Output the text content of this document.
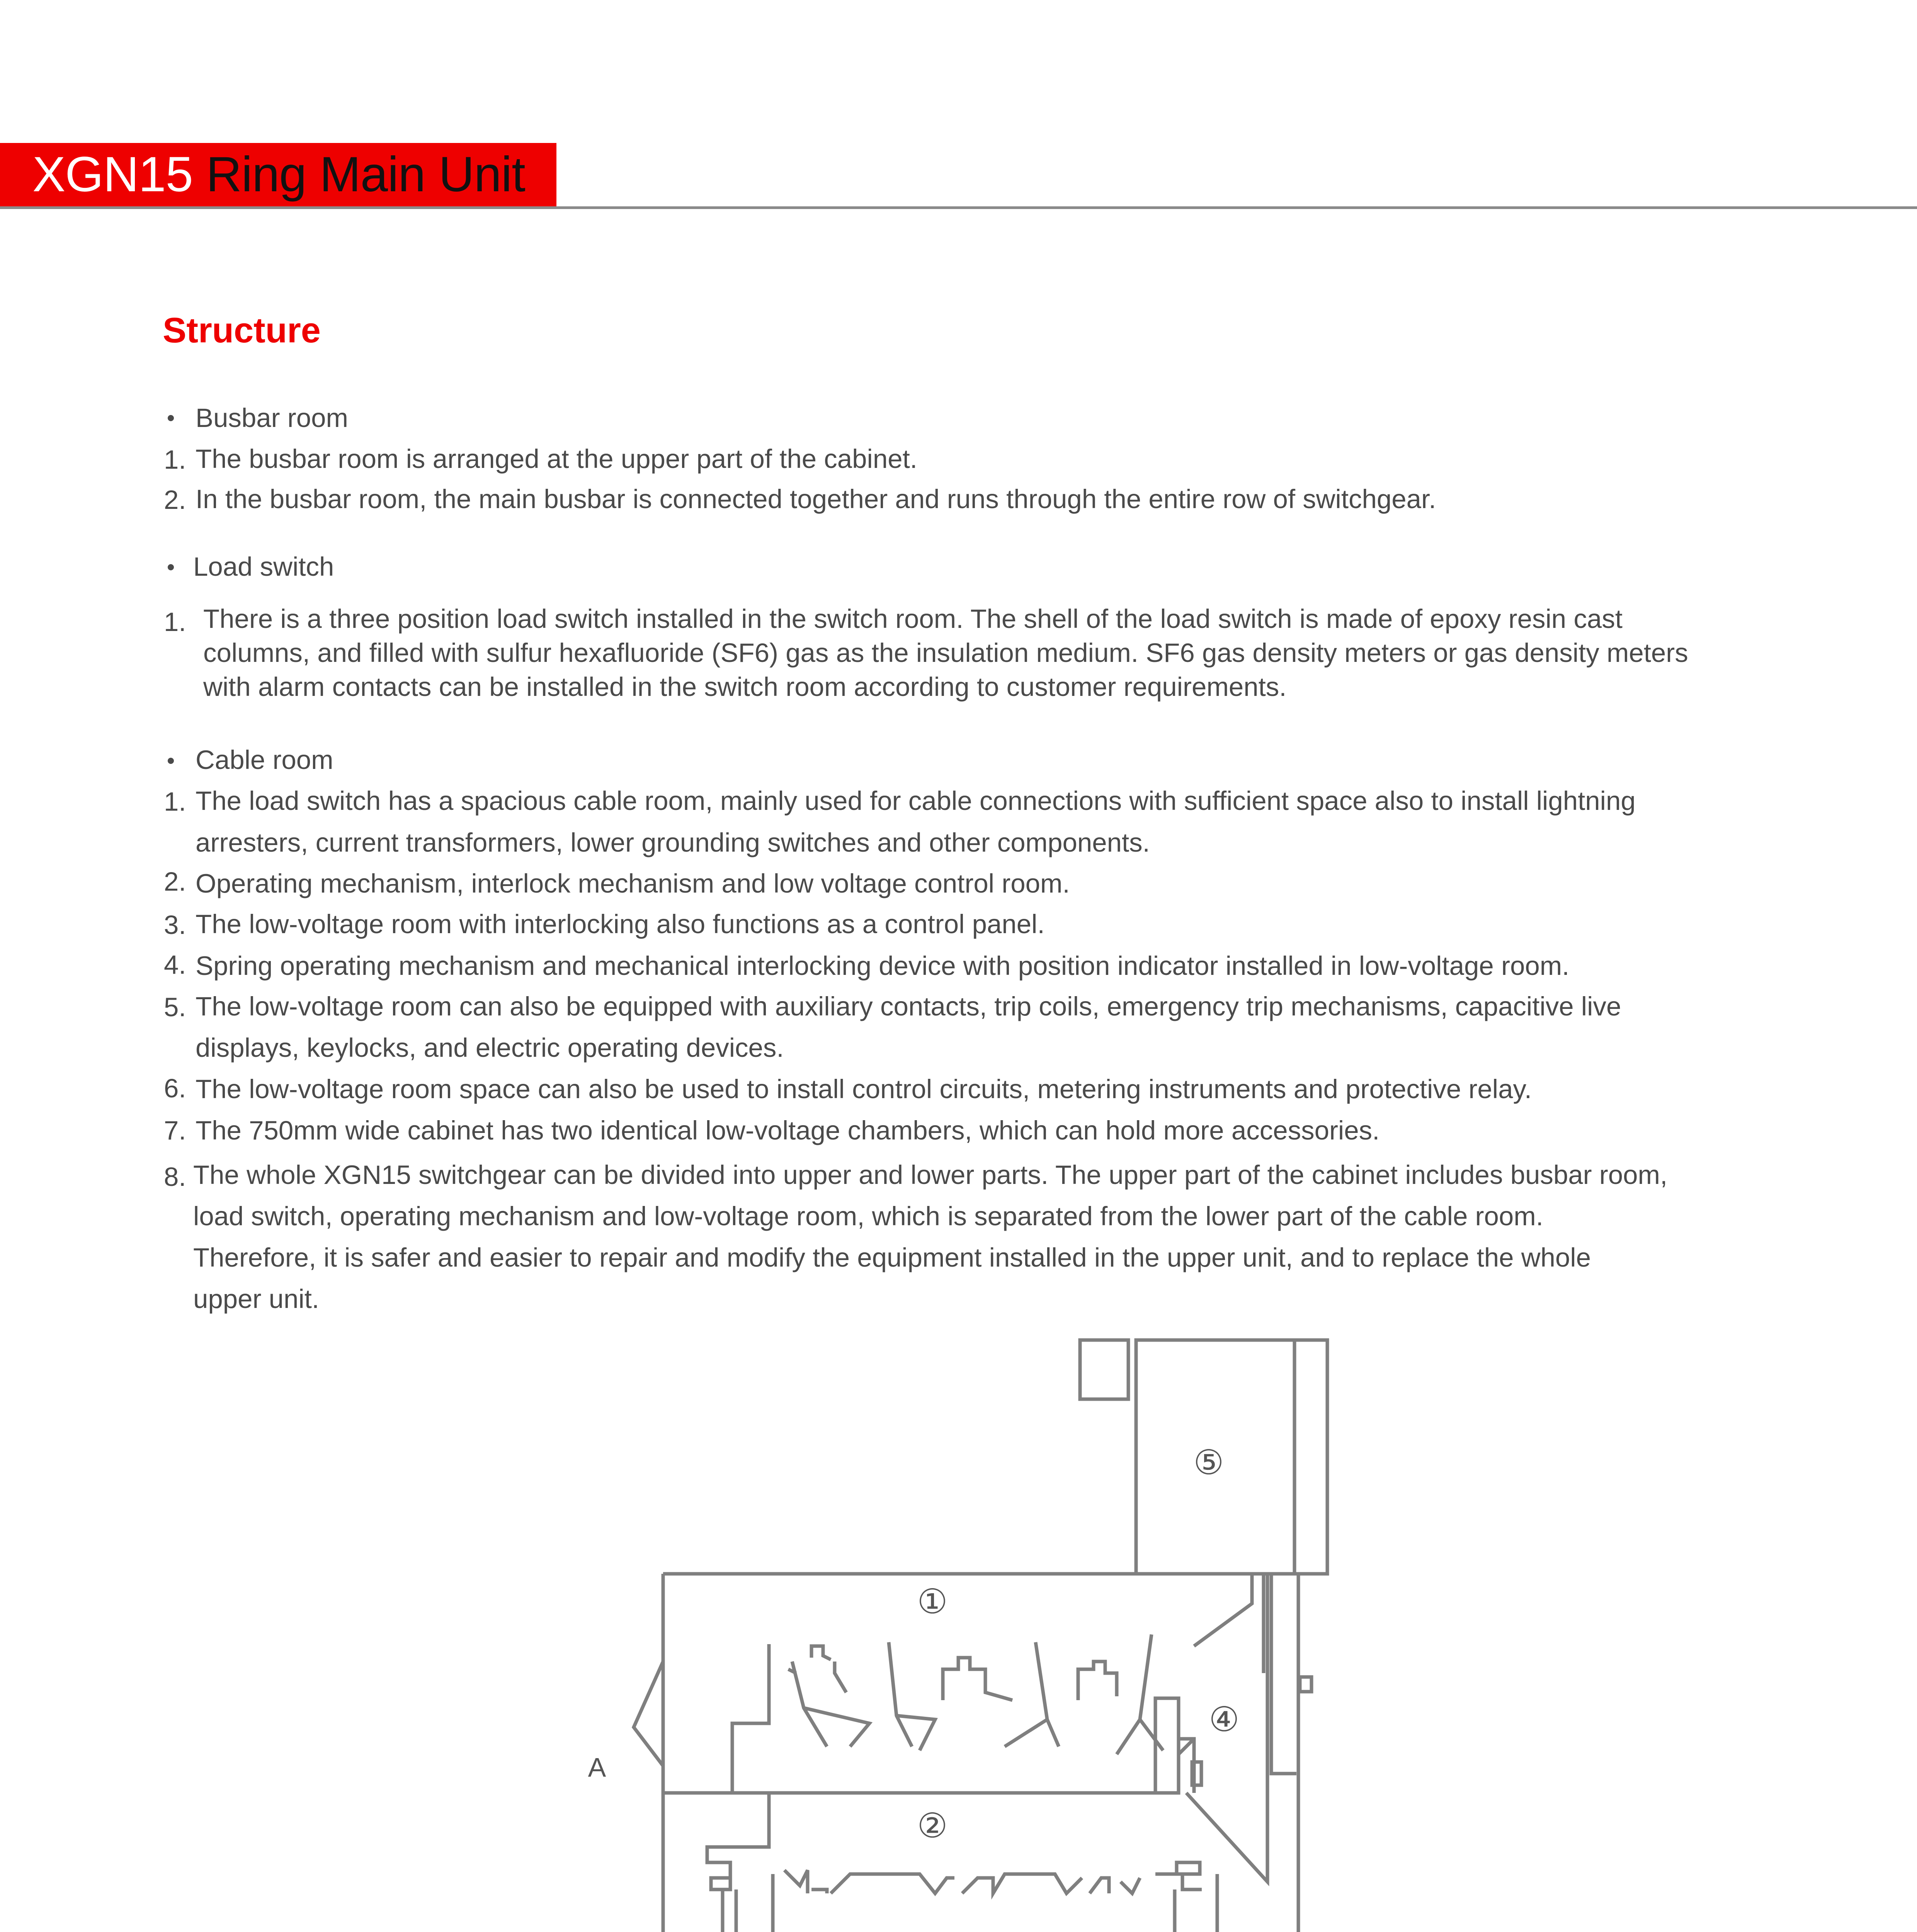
XGN15 Ring Main Unit
Structure
Busbar room
1. The busbar room is arranged at the upper part of the cabinet.
2. In the busbar room, the main busbar is connected together and runs through the entire row of switchgear.
Load switch
1. There is a three position load switch installed in the switch room. The shell of the load switch is made of epoxy resin cast
columns, and filled with sulfur hexafluoride (SF6) gas as the insulation medium. SF6 gas density meters or gas density meters
with alarm contacts can be installed in the switch room according to customer requirements.
Cable room
1. The load switch has a spacious cable room, mainly used for cable connections with sufficient space also to install lightning
arresters, current transformers, lower grounding switches and other components.
2. Operating mechanism, interlock mechanism and low voltage control room.
3. The low-voltage room with interlocking also functions as a control panel.
4. Spring operating mechanism and mechanical interlocking device with position indicator installed in low-voltage room.
5. The low-voltage room can also be equipped with auxiliary contacts, trip coils, emergency trip mechanisms, capacitive live
displays, keylocks, and electric operating devices.
6. The low-voltage room space can also be used to install control circuits, metering instruments and protective relay.
7. The 750mm wide cabinet has two identical low-voltage chambers, which can hold more accessories.
8. The whole XGN15 switchgear can be divided into upper and lower parts. The upper part of the cabinet includes busbar room,
load switch, operating mechanism and low-voltage room, which is separated from the lower part of the cable room.
Therefore, it is safer and easier to repair and modify the equipment installed in the upper unit, and to replace the whole
upper unit.
⑤
①
④
②
A
